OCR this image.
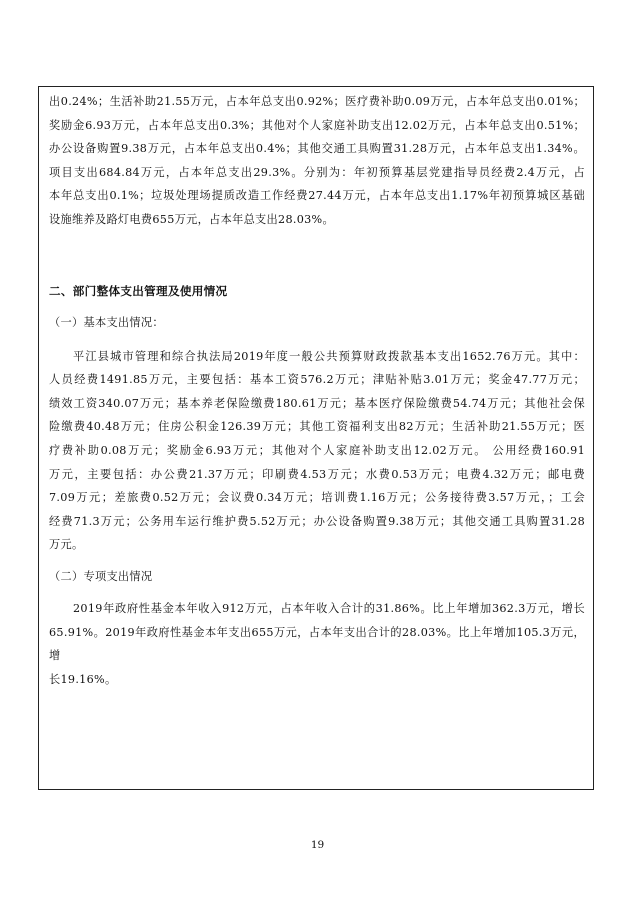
出0.24%；生活补助21.55万元，占本年总支出0.92%；医疗费补助0.09万元，占本年总支出0.01%；

奖励金6.93万元，占本年总支出0.3%；其他对个人家庭补助支出12.02万元，占本年总支出0.51%；

办公设备购置9.38万元，占本年总支出0.4%；其他交通工具购置31.28万元，占本年总支出1.34%。

项目支出684.84万元，占本年总支出29.3%。分别为：年初预算基层党建指导员经费2.4万元，占

本年总支出0.1%；垃圾处理场提质改造工作经费27.44万元，占本年总支出1.17%年初预算城区基础

设施维养及路灯电费655万元，占本年总支出28.03%。

二、部门整体支出管理及使用情况

（一）基本支出情况：

平江县城市管理和综合执法局2019年度一般公共预算财政拨款基本支出1652.76万元。其中：

人员经费1491.85万元，主要包括：基本工资576.2万元；津贴补贴3.01万元；奖金47.77万元；

绩效工资340.07万元；基本养老保险缴费180.61万元；基本医疗保险缴费54.74万元；其他社会保

险缴费40.48万元；住房公积金126.39万元；其他工资福利支出82万元；生活补助21.55万元；医

疗费补助0.08万元；奖励金6.93万元；其他对个人家庭补助支出12.02万元。 公用经费160.91

万元，主要包括：办公费21.37万元；印刷费4.53万元；水费0.53万元；电费4.32万元；邮电费

7.09万元；差旅费0.52万元；会议费0.34万元；培训费1.16万元；公务接待费3.57万元，；工会

经费71.3万元；公务用车运行维护费5.52万元；办公设备购置9.38万元；其他交通工具购置31.28

万元。

（二）专项支出情况

2019年政府性基金本年收入912万元，占本年收入合计的31.86%。比上年增加362.3万元，增长

65.91%。2019年政府性基金本年支出655万元，占本年支出合计的28.03%。比上年增加105.3万元，增

长19.16%。

19
